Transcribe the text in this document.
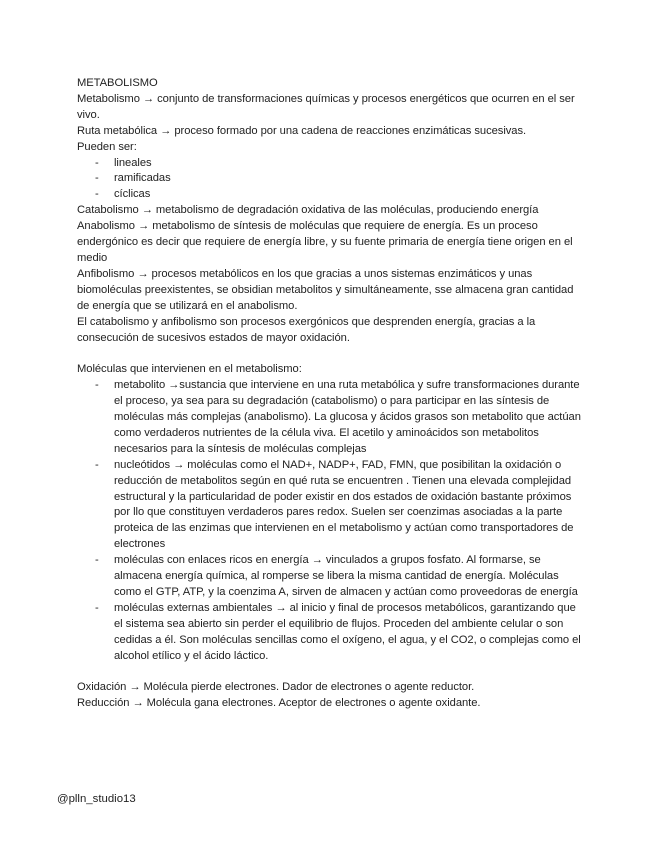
METABOLISMO

Metabolismo → conjunto de transformaciones químicas y procesos energéticos que ocurren en el ser vivo.

Ruta metabólica → proceso formado por una cadena de reacciones enzimáticas sucesivas.

Pueden ser:

- lineales
- ramificadas
- cíclicas

Catabolismo → metabolismo de degradación oxidativa de las moléculas, produciendo energía

Anabolismo → metabolismo de síntesis de moléculas que requiere de energía. Es un proceso endergónico es decir que requiere de energía libre, y su fuente primaria de energía tiene origen en el medio

Anfibolismo → procesos metabólicos en los que gracias a unos sistemas enzimáticos y unas biomoléculas preexistentes, se obsidian metabolitos y simultáneamente, sse almacena gran cantidad de energía que se utilizará en el anabolismo.

El catabolismo y anfibolismo son procesos exergónicos que desprenden energía, gracias a la consecución de sucesivos estados de mayor oxidación.

Moléculas que intervienen en el metabolismo:

- metabolito →sustancia que interviene en una ruta metabólica y sufre transformaciones durante el proceso, ya sea para su degradación (catabolismo) o para participar en las síntesis de moléculas más complejas (anabolismo). La glucosa y ácidos grasos son metabolito que actúan como verdaderos nutrientes de la célula viva. El acetilo y aminoácidos son metabolitos necesarios para la síntesis de moléculas complejas
- nucleótidos → moléculas como el NAD+, NADP+, FAD, FMN, que posibilitan la oxidación o reducción de metabolitos según en qué ruta se encuentren . Tienen una elevada complejidad estructural y la particularidad de poder existir en dos estados de oxidación bastante próximos por llo que constituyen verdaderos pares redox. Suelen ser coenzimas asociadas a la parte proteica de las enzimas que intervienen en el metabolismo y actúan como transportadores de electrones
- moléculas con enlaces ricos en energía → vinculados a grupos fosfato. Al formarse, se almacena energía química, al romperse se libera la misma cantidad de energía. Moléculas como el GTP, ATP, y la coenzima A, sirven de almacen y actúan como proveedoras de energía
- moléculas externas ambientales → al inicio y final de procesos metabólicos, garantizando que el sistema sea abierto sin perder el equilibrio de flujos. Proceden del ambiente celular o son cedidas a él. Son moléculas sencillas como el oxígeno, el agua, y el CO2, o complejas como el alcohol etílico y el ácido láctico.

Oxidación → Molécula pierde electrones. Dador de electrones o agente reductor.

Reducción → Molécula gana electrones. Aceptor de electrones o agente oxidante.

@plln_studio13
